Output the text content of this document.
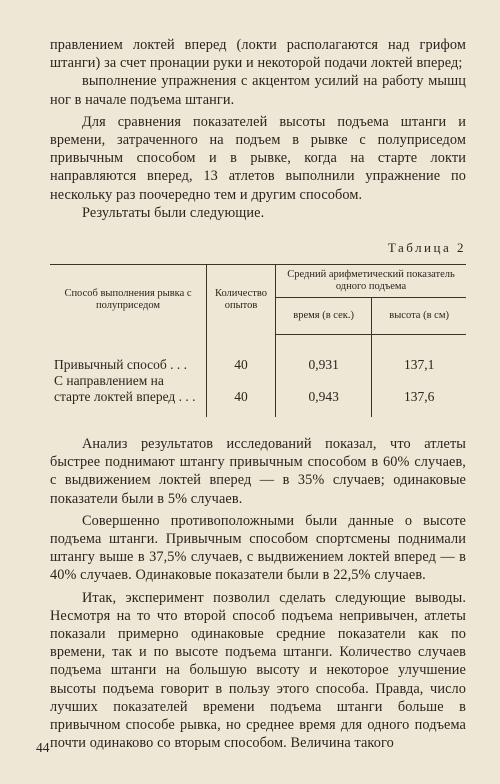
правлением локтей вперед (локти располагаются над грифом штанги) за счет пронации руки и некоторой подачи локтей вперед;

выполнение упражнения с акцентом усилий на работу мышц ног в начале подъема штанги.

Для сравнения показателей высоты подъема штанги и времени, затраченного на подъем в рывке с полуприседом привычным способом и в рывке, когда на старте локти направляются вперед, 13 атлетов выполнили упражнение по нескольку раз поочередно тем и другим способом.

Результаты были следующие.

Таблица 2
Способ выполнения рывка с полуприседом	Количество опытов	Средний арифметический показатель одного подъема	
		время (в сек.)	высота (в см)
Привычный способ . . .	40	0,931	137,1
С направлением на старте локтей вперед . . .	40	0,943	137,6

Анализ результатов исследований показал, что атлеты быстрее поднимают штангу привычным способом в 60% случаев, с выдвижением локтей вперед — в 35% случаев; одинаковые показатели были в 5% случаев.

Совершенно противоположными были данные о высоте подъема штанги. Привычным способом спортсмены поднимали штангу выше в 37,5% случаев, с выдвижением локтей вперед — в 40% случаев. Одинаковые показатели были в 22,5% случаев.

Итак, эксперимент позволил сделать следующие выводы. Несмотря на то что второй способ подъема непривычен, атлеты показали примерно одинаковые средние показатели как по времени, так и по высоте подъема штанги. Количество случаев подъема штанги на большую высоту и некоторое улучшение высоты подъема говорит в пользу этого способа. Правда, число лучших показателей времени подъема штанги больше в привычном способе рывка, но среднее время для одного подъема почти одинаково со вторым способом. Величина такого

44
